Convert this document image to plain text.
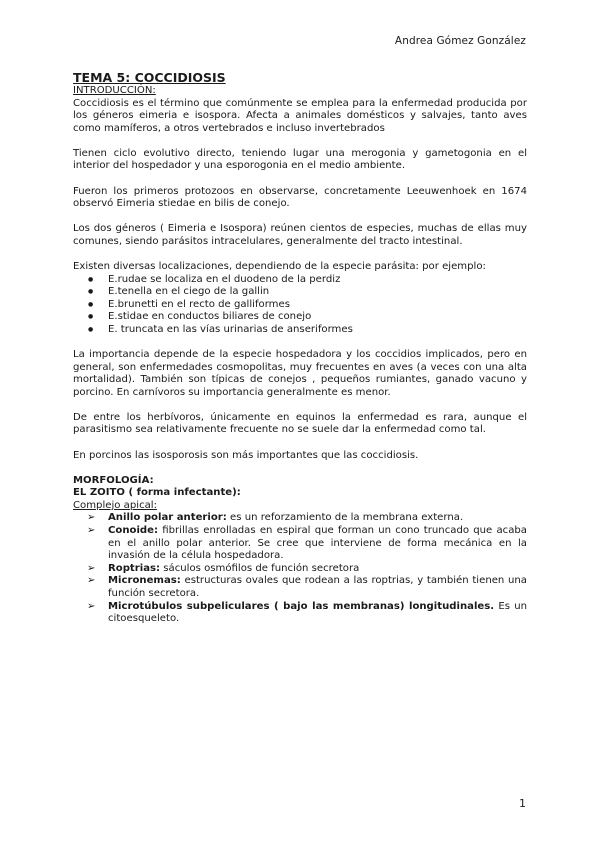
Andrea Gómez González
TEMA 5: COCCIDIOSIS
INTRODUCCIÓN:

Coccidiosis es el término que comúnmente se emplea para la enfermedad producida por los géneros eimeria e isospora. Afecta a animales domésticos y salvajes, tanto aves como mamíferos, a otros vertebrados e incluso invertebrados

Tienen ciclo evolutivo directo, teniendo lugar una merogonia y gametogonia en el interior del hospedador y una esporogonia en el medio ambiente.

Fueron los primeros protozoos en observarse, concretamente Leeuwenhoek en 1674 observó Eimeria stiedae en bilis de conejo.

Los dos géneros ( Eimeria e Isospora) reúnen cientos de especies, muchas de ellas muy comunes, siendo parásitos intracelulares, generalmente del tracto intestinal.

Existen diversas localizaciones, dependiendo de la especie parásita: por ejemplo:

● E.rudae se localiza en el duodeno de la perdiz
● E.tenella en el ciego de la gallin
● E.brunetti en el recto de galliformes
● E.stidae en conductos biliares de conejo
● E. truncata en las vías urinarias de anseriformes

La importancia depende de la especie hospedadora y los coccidios implicados, pero en general, son enfermedades cosmopolitas, muy frecuentes en aves (a veces con una alta mortalidad). También son típicas de conejos , pequeños rumiantes, ganado vacuno y porcino. En carnívoros su importancia generalmente es menor.

De entre los herbívoros, únicamente en equinos la enfermedad es rara, aunque el parasitismo sea relativamente frecuente no se suele dar la enfermedad como tal.

En porcinos las isosporosis son más importantes que las coccidiosis.

MORFOLOGÍA:
EL ZOITO ( forma infectante):
Complejo apical:
➢ Anillo polar anterior: es un reforzamiento de la membrana externa.
➢ Conoide: fibrillas enrolladas en espiral que forman un cono truncado que acaba en el anillo polar anterior. Se cree que interviene de forma mecánica en la invasión de la célula hospedadora.
➢ Roptrias: sáculos osmófilos de función secretora
➢ Micronemas: estructuras ovales que rodean a las roptrias, y también tienen una función secretora.
➢ Microtúbulos subpeliculares ( bajo las membranas) longitudinales. Es un citoesqueleto.
1
